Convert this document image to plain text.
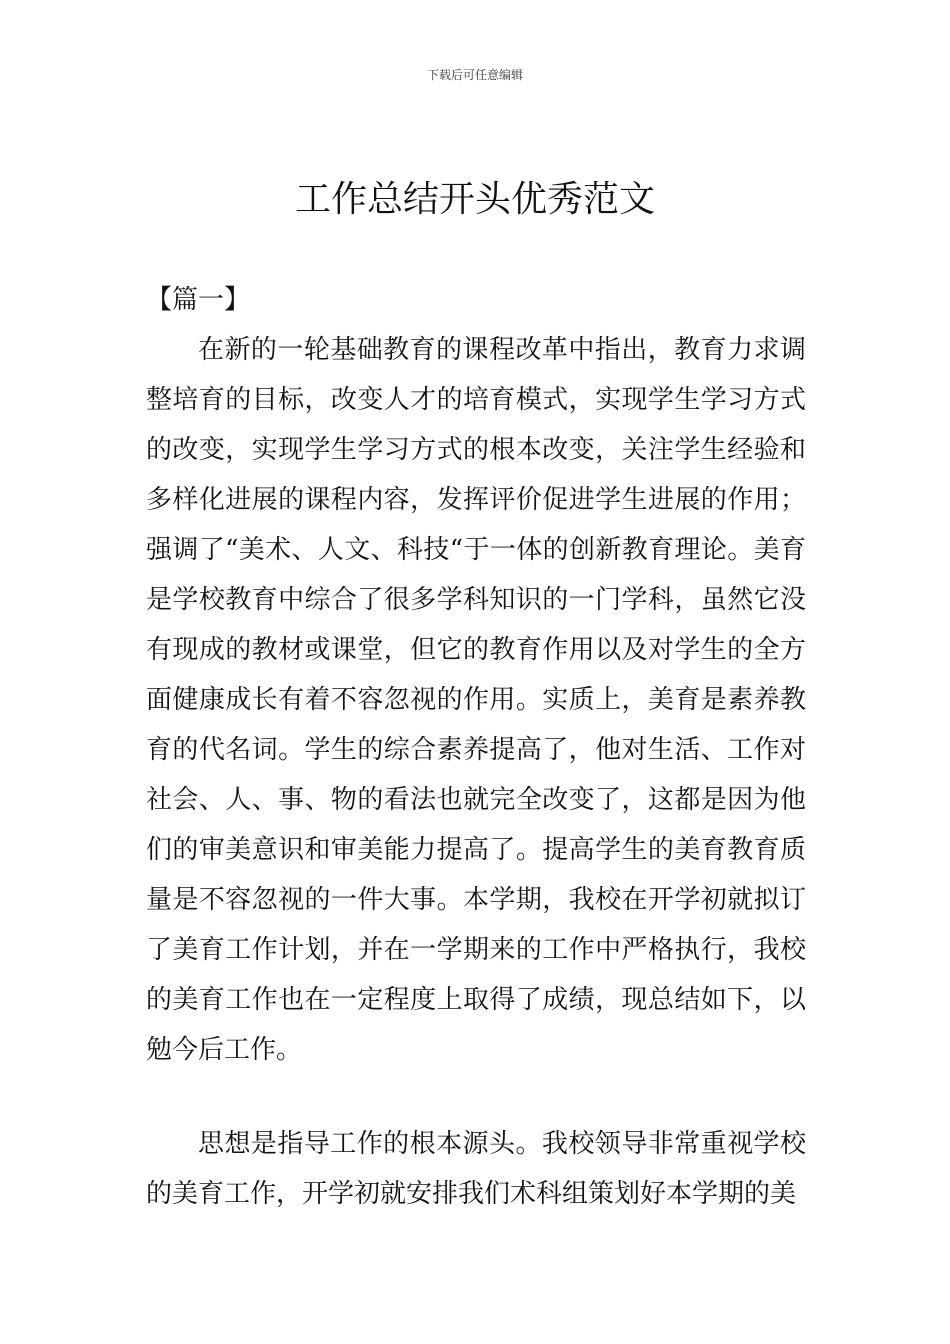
下载后可任意编辑
工作总结开头优秀范文
【篇一】

在新的一轮基础教育的课程改革中指出，教育力求调整培育的目标，改变人才的培育模式，实现学生学习方式的改变，实现学生学习方式的根本改变，关注学生经验和多样化进展的课程内容，发挥评价促进学生进展的作用；强调了“美术、人文、科技“于一体的创新教育理论。美育是学校教育中综合了很多学科知识的一门学科，虽然它没有现成的教材或课堂，但它的教育作用以及对学生的全方面健康成长有着不容忽视的作用。实质上，美育是素养教育的代名词。学生的综合素养提高了，他对生活、工作对社会、人、事、物的看法也就完全改变了，这都是因为他们的审美意识和审美能力提高了。提高学生的美育教育质量是不容忽视的一件大事。本学期，我校在开学初就拟订了美育工作计划，并在一学期来的工作中严格执行，我校的美育工作也在一定程度上取得了成绩，现总结如下，以勉今后工作。

思想是指导工作的根本源头。我校领导非常重视学校的美育工作，开学初就安排我们术科组策划好本学期的美
